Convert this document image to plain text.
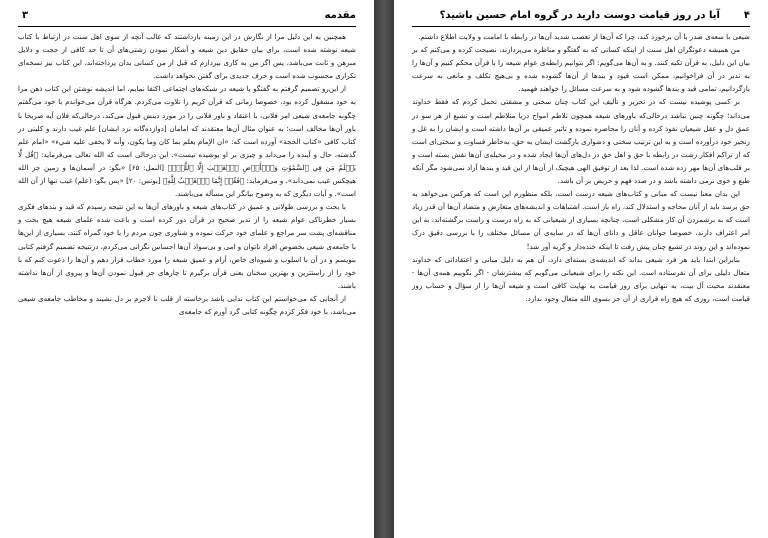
مقدمه
۳

همچنین به این دلیل مرا از نگارش در این زمینه بازداشتند که غالب آنچه از سوی اهل سنت در ارتباط با کتاب شیعه نوشته شده است، برای بیان حقایق دین شیعه و آشکار نمودن زشتی‌های آن تا حد کافی از حجت و دلایل مبرهن و ثابت می‌باشد، پس اگر من به کاری بپردازم که قبل از من کسانی بدان پرداخته‌اند، این کتاب نیز نسخه‌ای تکراری محسوب شده است و حرف جدیدی برای گفتن نخواهد داشت.

از این‌رو تصمیم گرفتم به گفتگو با شیعه در شبکه‌های اجتماعی اکتفا نمایم، اما اندیشه نوشتن این کتاب ذهن مرا به خود مشغول کرده بود، خصوصا زمانی که قرآن کریم را تلاوت می‌کردم. هرگاه قرآن می‌خواندم با خود می‌گفتم چگونه جامعه‌ی شیعی امر فلانی، با اعتقاد و باور فلانی را در مورد دینش قبول می‌کند، درحالی‌که فلان آیه صریحا با باور آن‌ها مخالف است؛ به عنوان مثال آن‌ها معتقدند که امامان [دوازده‌گانه نزد ایشان] علم غیب دارند و کلینی در کتاب کافی «کتاب الحجة» آورده است که: «ان الإمام یعلم بما کان وما یکون، وأنه لا یخفی علیه شيء» «امام علم گذشته، حال و آینده را می‌داند و چیزی بر او پوشیده نیست». این درحالی است که الله تعالی می‌فرماید: ﴿قُل لَّا یَعۡلَمُ مَن فِي ٱلسَّمَٰوَٰتِ وَٱلۡأَرۡضِ ٱلۡغَیۡبَ إِلَّا ٱللَّهُۚ﴾ [النمل: ۶۵] «بگو: در آسمان‌ها و زمین جز الله هیچکس غیب نمی‌داند». و می‌فرماید: ﴿فَقُلۡ إِنَّمَا ٱلۡغَیۡبُ لِلَّهِ﴾ [یونس: ۲۰] «پس بگو: (علم) غیب تنها از آن الله است». و آیات دیگری که به وضوح بیانگر این مسأله می‌باشند.

با بحث و بررسی طولانی و عمیق در کتاب‌های شیعه و باورهای آن‌ها به این نتیجه رسیدم که قید و بندهای فکری بسیار خطرناکی عوام شیعه را از تدبر صحیح در قرآن دور کرده است و باعث شده علمای شیعه هیچ بحث و مناقشه‌ای پشت سر مراجع و علمای خود حرکت نموده و شناوری چون مردم را با خود گمراه کنند. بسیاری از این‌ها با جامعه‌ی شیعی بخصوص افراد ناتوان و امی و بی‌سواد آن‌ها احساس نگرانی می‌کردم، درنتیجه تصمیم گرفتم کتابی بنویسم و در آن با اسلوب و شیوه‌ای خاص، آرام و عمیق شیعه را مورد خطاب قرار دهم و آن‌ها را دعوت کنم که با خود را از راستترین و بهترین سخنان یعنی قرآن برگیرم تا چارهای جز قبول نمودن آن‌ها و پیروی از آن‌ها نداشته باشند.

از آنجایی که می‌خواستم این کتاب ندایی باشد برخاسته از قلب تا لاجرم بر دل نشیند و مخاطب جامعه‌ی شیعی می‌باشد، با خود فکر کردم چگونه کتابی گرد آورم که جامعه‌ی

۴
آیا در روز قیامت دوست دارید در گروه امام حسین باشید؟

شیعی با سعه‌ی صدر با آن برخورد کند، چرا که آن‌ها از تعصب شدید آن‌ها در رابطه با امامت و ولایت اطلاع داشتم.

من همیشه دعوتگران اهل سنت از اینکه کسانی که به گفتگو و مناظره می‌پردازند، نصیحت کرده و می‌کنم که بر بیان این دلیل، به قرآن تکیه کنند. و به آن‌ها می‌گویم: اگر بتوانیم رابطه‌ی عوام شیعه را با قرآن محکم کنیم و آن‌ها را به تدبر در آن فراخوانیم، ممکن است قیود و بندها از آن‌ها گشوده شده و بی‌هیچ تکلف و مانعی به سرعت بازگردانیم، تمامی قید و بندها گشوده شود و به سرعت مسائل را خواهند فهمید.

بر کسی پوشیده نیست که در تحریر و تألیف این کتاب چنان سختی و مشقتی تحمل کردم که فقط خداوند می‌داند؛ چگونه چنین نباشد درحالی‌که باورهای شیعه همچون تلاطم امواج دریا متلاطم است و تشیع از هر سو در عمق دل و عقل شیعیان نفوذ کرده و آنان را محاصره نموده و تاثیر عمیقی بر آن‌ها داشته است و ایشان را به غل و زنجیر خود درآورده است و به این ترتیب سختی و دشواری بازگشت ایشان به حق، به‌خاطر قساوت و سختی‌ای است که از تراکم افکار زشت در رابطه با حق و اهل حق در دل‌های آن‌ها ایجاد شده و در مخیله‌ی آن‌ها نقش بسته است و بر قلب‌های آن‌ها مهر زده شده است. لذا بعد از توفیق الهی هیچیک از آن‌ها از این قید و بندها آزاد نمی‌شود مگر آنکه طبع و خوی نرمی داشته باشد و در صدد فهم و حریص بر آن باشد.

این بدان معنا نیست که مبانی و کتاب‌های شیعه درست است، بلکه منظورم این است که هرکس می‌خواهد به حق برسد باید از آنان محاجه و استدلال کند، راه باز است. اشتباهات و اندیشه‌های متعارض و متضاد آن‌ها آن قدر زیاد است که به برشمردن آن کار مشکلی است، چنانچه بسیاری از شیعیانی که به راه درست و راست برگشته‌اند، به این امر اعتراف دارند، خصوصا جوانان عاقل و دانای آن‌ها که در سایه‌ی آن مسائل مختلف را با بررسی دقیق درک نموده‌اند و این روند در تشیع چنان پیش رفت تا اینکه خنده‌دار و گریه آور شد!

بنابراین ابتدا باید هر فرد شیعی بداند که اندیشه‌ی بسته‌ای دارد، آن هم به دلیل مبانی و اعتقاداتی که خداوند متعال دلیلی برای آن نفرستاده است. این نکته را برای شیعیانی می‌گویم که بیشترشان - اگر نگوییم همه‌ی آن‌ها - معتقدند محبت آل بیت، به تنهایی برای روز قیامت به نهایت کافی است و شیعه آن‌ها را از سؤال و حساب روز قیامت است، روزی که هیچ راه فراری از آن جز بسوی الله متعال وجود ندارد.
